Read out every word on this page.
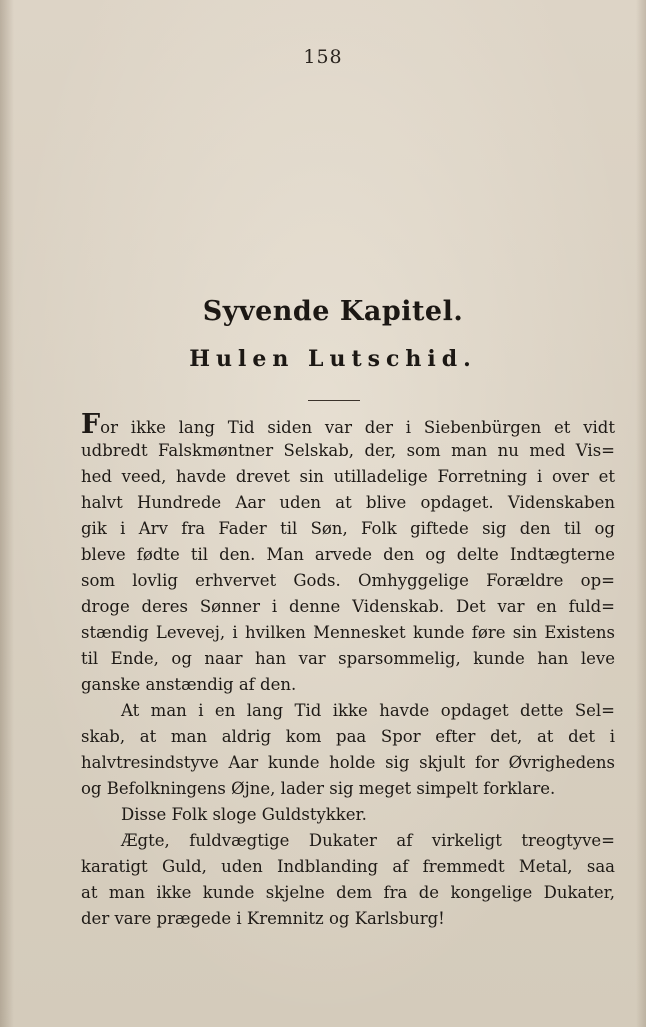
158
Syvende Kapitel.
Hulen Lutschid.
For ikke lang Tid siden var der i Siebenbürgen et vidt
udbredt Falskmøntner Selskab, der, som man nu med Vis=
hed veed, havde drevet sin utilladelige Forretning i over et
halvt Hundrede Aar uden at blive opdaget. Videnskaben
gik i Arv fra Fader til Søn, Folk giftede sig den til og
bleve fødte til den. Man arvede den og delte Indtægterne
som lovlig erhvervet Gods. Omhyggelige Forældre op=
droge deres Sønner i denne Videnskab. Det var en fuld=
stændig Levevej, i hvilken Mennesket kunde føre sin Existens
til Ende, og naar han var sparsommelig, kunde han leve
ganske anstændig af den.
At man i en lang Tid ikke havde opdaget dette Sel=
skab, at man aldrig kom paa Spor efter det, at det i
halvtresindstyve Aar kunde holde sig skjult for Øvrighedens
og Befolkningens Øjne, lader sig meget simpelt forklare.
Disse Folk sloge Guldstykker.
Ægte, fuldvægtige Dukater af virkeligt treogtyve=
karatigt Guld, uden Indblanding af fremmedt Metal, saa
at man ikke kunde skjelne dem fra de kongelige Dukater,
der vare prægede i Kremnitz og Karlsburg!
